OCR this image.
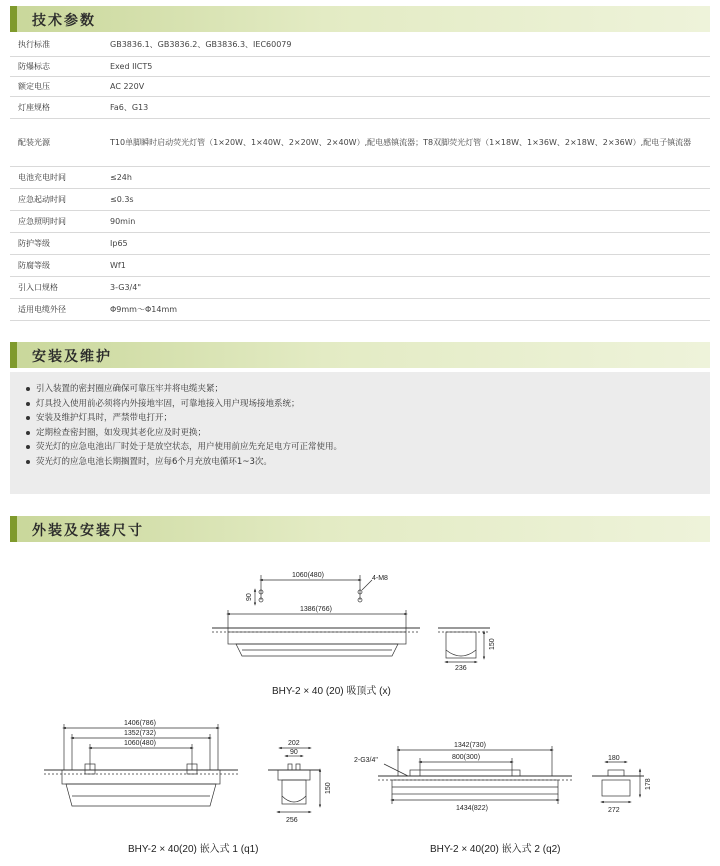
技术参数
执行标准	GB3836.1、GB3836.2、GB3836.3、IEC60079
防爆标志	Exed IICT5
额定电压	AC 220V
灯座规格	Fa6、G13
配装光源	T10单脚瞬时启动荧光灯管（1×20W、1×40W、2×20W、2×40W）,配电感镇流器；T8双脚荧光灯管（1×18W、1×36W、2×18W、2×36W）,配电子镇流器
电池充电时间	≤24h
应急起动时间	≤0.3s
应急照明时间	90min
防护等级	Ip65
防腐等级	Wf1
引入口规格	3-G3/4"
适用电缆外径	Φ9mm～Φ14mm
安装及维护
引入装置的密封圈应确保可靠压牢并将电缆夹紧；
灯具投入使用前必须将内外接地牢固，可靠地接入用户现场接地系统；
安装及维护灯具时，严禁带电打开；
定期检查密封圈，如发现其老化应及时更换；
荧光灯的应急电池出厂时处于是放空状态，用户使用前应先充足电方可正常使用。
荧光灯的应急电池长期搁置时，应每6个月充放电循环1~3次。
外装及安装尺寸
1060(480)	4-M8
1386(766)
90
236
150
BHY-2 × 40 (20) 吸顶式 (x)
1406(786)
1352(732)
1060(480)	202
90
256
150
BHY-2 × 40(20) 嵌入式 1 (q1)
1342(730)
800(300)
2-G3/4"
1434(822)
180
272
178
BHY-2 × 40(20) 嵌入式 2 (q2)
